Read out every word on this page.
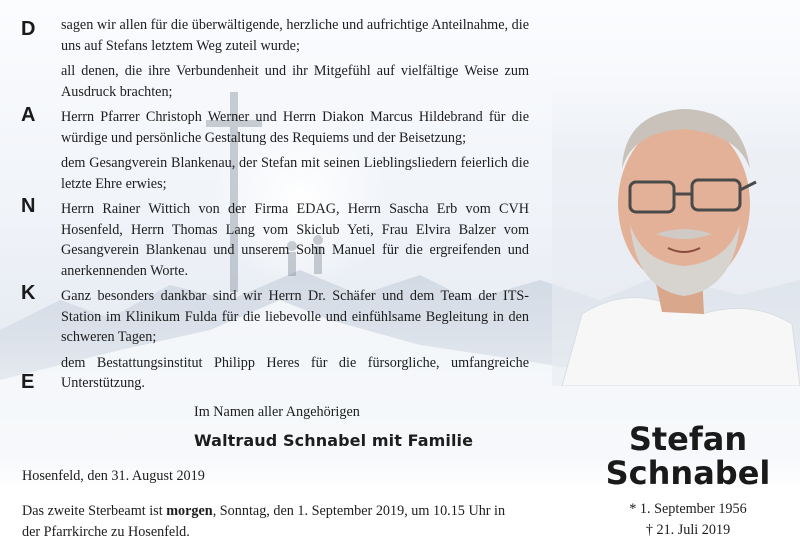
D
A
N
K
E

sagen wir allen für die überwältigende, herzliche und aufrichtige Anteilnahme, die uns auf Stefans letztem Weg zuteil wurde;

all denen, die ihre Verbundenheit und ihr Mitgefühl auf vielfältige Weise zum Ausdruck brachten;

Herrn Pfarrer Christoph Werner und Herrn Diakon Marcus Hildebrand für die würdige und persönliche Gestaltung des Requiems und der Beisetzung;

dem Gesangverein Blankenau, der Stefan mit seinen Lieblingsliedern feierlich die letzte Ehre erwies;

Herrn Rainer Wittich von der Firma EDAG, Herrn Sascha Erb vom CVH Hosenfeld, Herrn Thomas Lang vom Skiclub Yeti, Frau Elvira Balzer vom Gesangverein Blankenau und unserem Sohn Manuel für die ergreifenden und anerkennenden Worte.

Ganz besonders dankbar sind wir Herrn Dr. Schäfer und dem Team der ITS-Station im Klinikum Fulda für die liebevolle und einfühlsame Begleitung in den schweren Tagen;

dem Bestattungsinstitut Philipp Heres für die fürsorgliche, umfangreiche Unterstützung.

Im Namen aller Angehörigen
Waltraud Schnabel mit Familie
Hosenfeld, den 31. August 2019
Das zweite Sterbeamt ist morgen, Sonntag, den 1. September 2019, um 10.15 Uhr in der Pfarrkirche zu Hosenfeld.
Stefan
Schnabel
* 1. September 1956
† 21. Juli 2019
